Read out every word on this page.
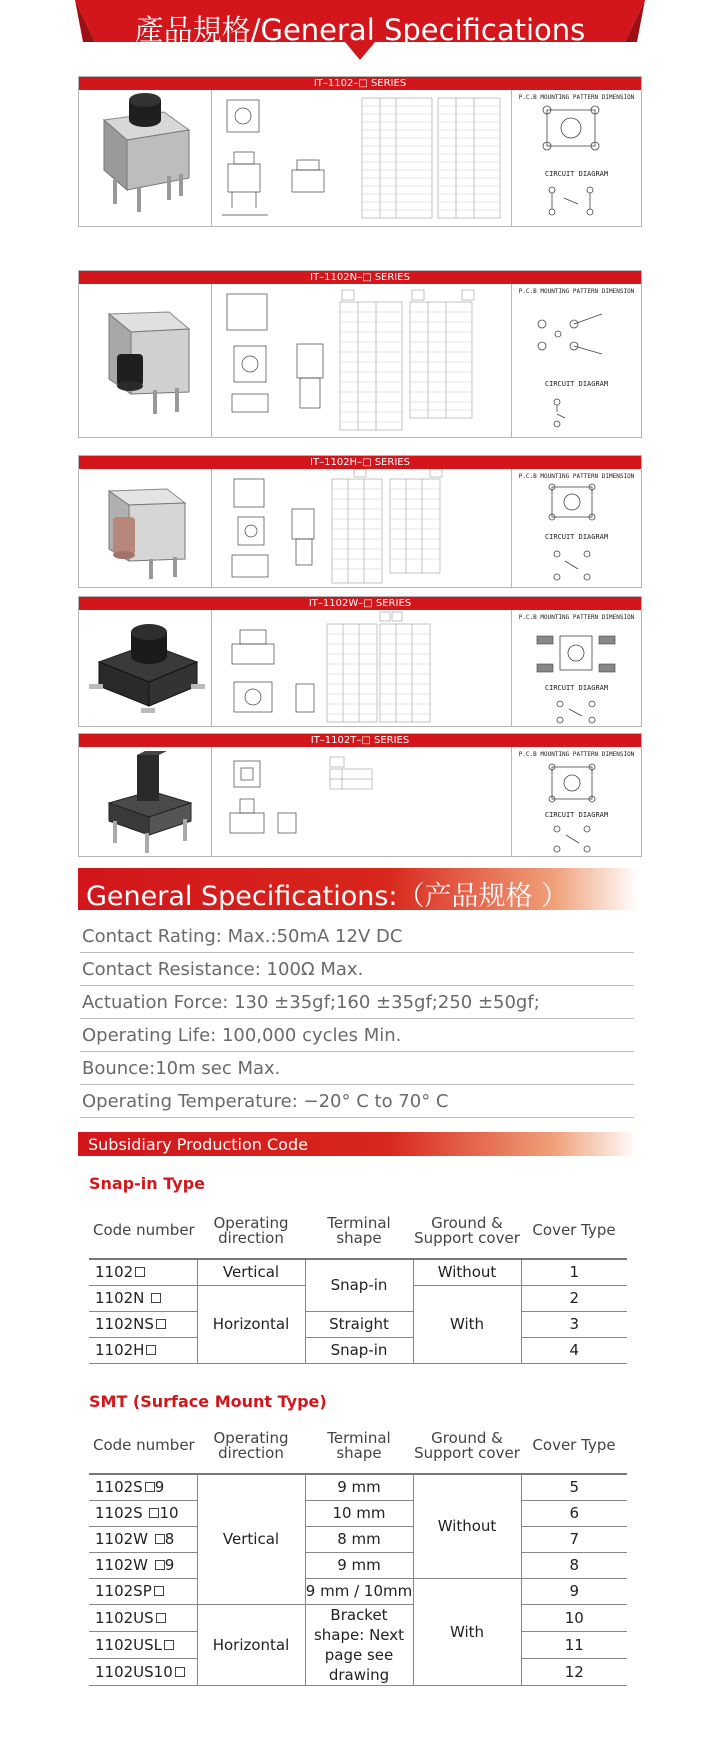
產品規格/General Specifications
IT–1102–□ SERIES
P.C.B MOUNTING PATTERN DIMENSION
CIRCUIT DIAGRAM
IT–1102N–□ SERIES
P.C.B MOUNTING PATTERN DIMENSION
CIRCUIT DIAGRAM
IT–1102H–□ SERIES
P.C.B MOUNTING PATTERN DIMENSION
CIRCUIT DIAGRAM
IT–1102W–□ SERIES
P.C.B MOUNTING PATTERN DIMENSION
CIRCUIT DIAGRAM
IT–1102T–□ SERIES
P.C.B MOUNTING PATTERN DIMENSION
CIRCUIT DIAGRAM
General Specifications:（产品规格 ）
Contact Rating: Max.:50mA 12V DC
Contact Resistance: 100Ω Max.
Actuation Force: 130 ±35gf;160 ±35gf;250 ±50gf;
Operating Life: 100,000 cycles Min.
Bounce:10m sec Max.
Operating Temperature: −20° C to 70° C
Subsidiary Production Code
Snap-in Type
Code number	Operating direction	Terminal shape	Ground & Support cover	Cover Type
1102	Vertical	Snap-in	Without	1
1102N	Horizontal		With	2
1102NS		Straight		3
1102H		Snap-in		4
SMT (Surface Mount Type)
Code number	Operating direction	Terminal shape	Ground & Support cover	Cover Type
1102S 9	Vertical	9 mm	Without	5
1102S 10		10 mm		6
1102W 8		8 mm		7
1102W 9		9 mm		8
1102SP		9 mm / 10mm	With	9
1102US	Horizontal	Bracket shape: Next page see drawing		10
1102USL				11
1102US10				12
